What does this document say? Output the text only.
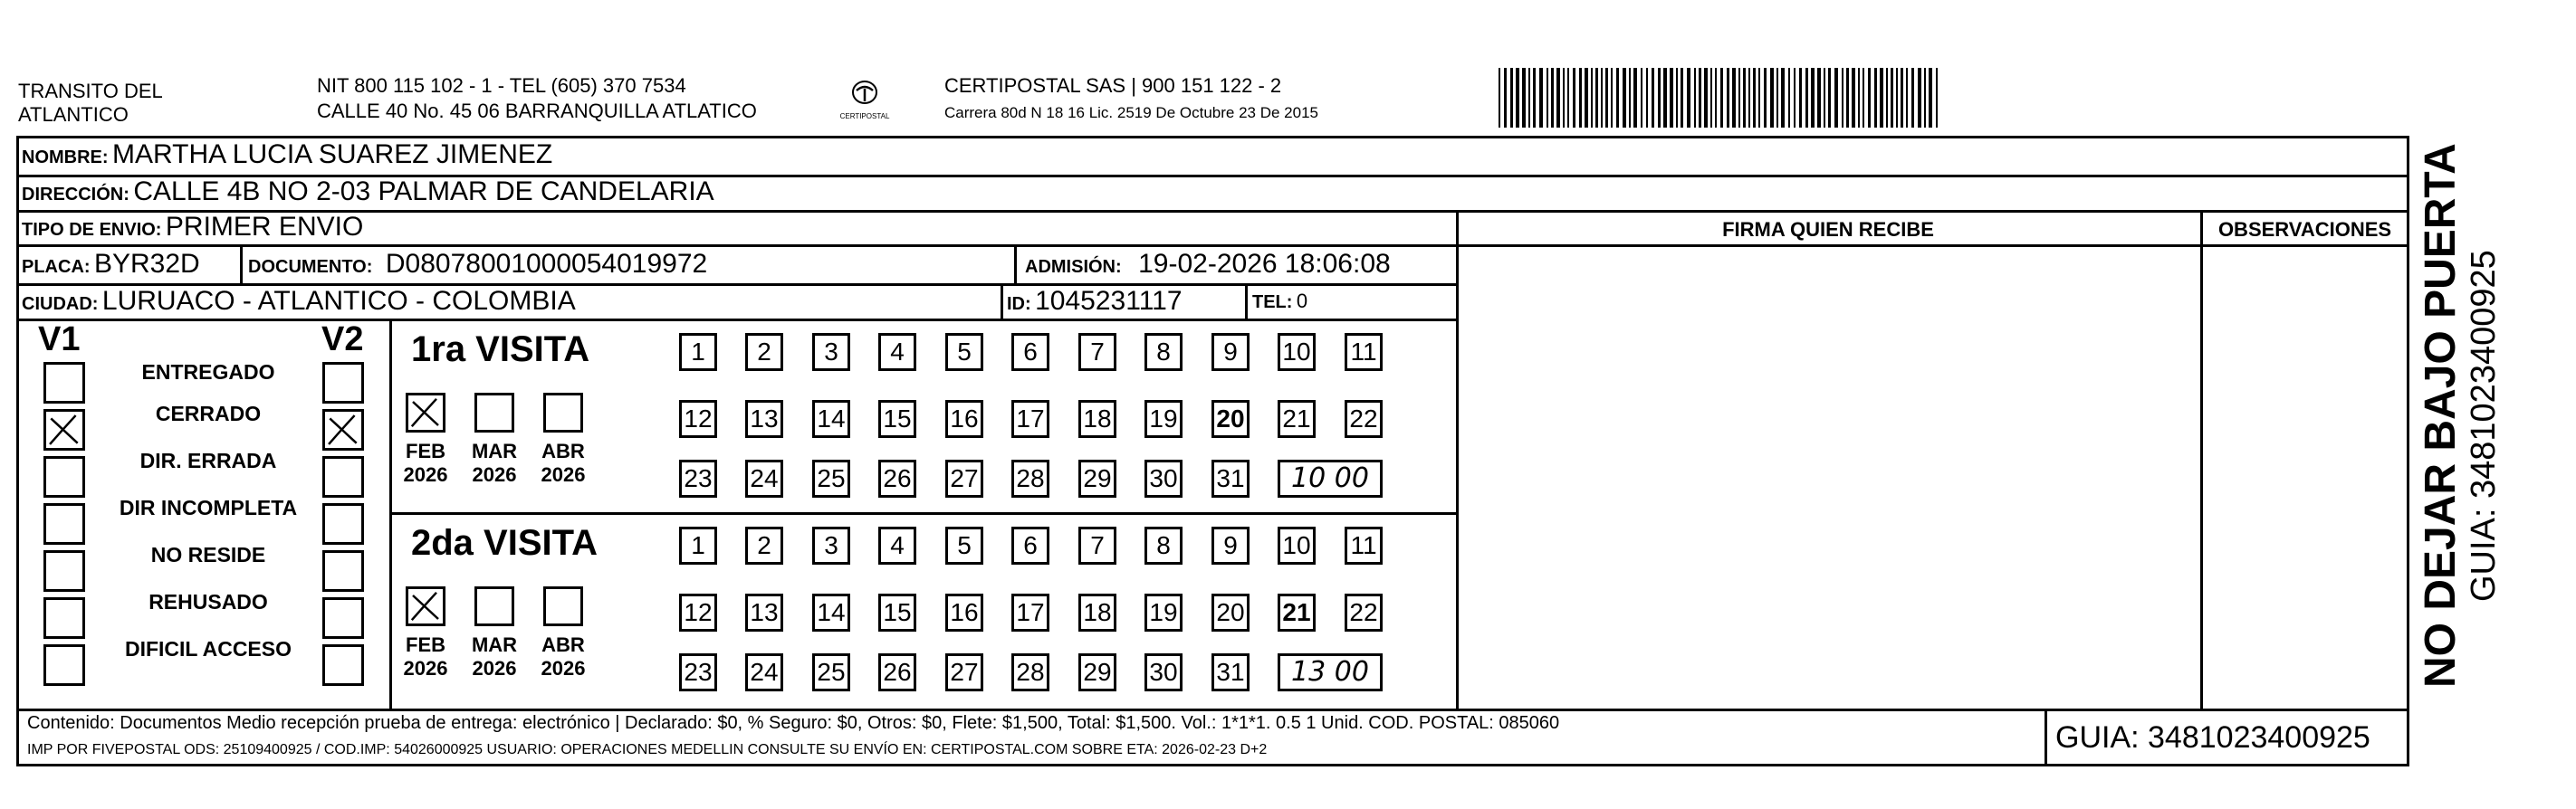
TRANSITO DEL
ATLANTICO
NIT 800 115 102 - 1 - TEL (605) 370 7534
CALLE 40 No. 45 06 BARRANQUILLA ATLATICO	CERTIPOSTAL
CERTIPOSTAL SAS | 900 151 122 - 2
Carrera 80d N 18 16 Lic. 2519 De Octubre 23 De 2015
NOMBRE: MARTHA LUCIA SUAREZ JIMENEZ
DIRECCIÓN: CALLE 4B NO 2-03 PALMAR DE CANDELARIA
TIPO DE ENVIO: PRIMER ENVIO	FIRMA QUIEN RECIBE	OBSERVACIONES
PLACA: BYR32D	DOCUMENTO: D08078001000054019972	ADMISIÓN: 19-02-2026 18:06:08
CIUDAD: LURUACO - ATLANTICO - COLOMBIA	ID: 1045231117	TEL: 0
V1	V2
ENTREGADO
CERRADO
DIR. ERRADA
DIR INCOMPLETA
NO RESIDE
REHUSADO
DIFICIL ACCESO
1ra VISITA
FEB
2026
MAR
2026
ABR
2026
1 2 3 4 5 6 7 8 9 10 11
12 13 14 15 16 17 18 19 20 21 22
23 24 25 26 27 28 29 30 31	10 00
2da VISITA
FEB
2026
MAR
2026
ABR
2026
1 2 3 4 5 6 7 8 9 10 11
12 13 14 15 16 17 18 19 20 21 22
23 24 25 26 27 28 29 30 31	13 00
Contenido: Documentos Medio recepción prueba de entrega: electrónico | Declarado: $0, % Seguro: $0, Otros: $0, Flete: $1,500, Total: $1,500. Vol.: 1*1*1. 0.5 1 Unid. COD. POSTAL: 085060
IMP POR FIVEPOSTAL ODS: 25109400925 / COD.IMP: 54026000925 USUARIO: OPERACIONES MEDELLIN CONSULTE SU ENVÍO EN: CERTIPOSTAL.COM SOBRE ETA: 2026-02-23 D+2	GUIA: 3481023400925
NO DEJAR BAJO PUERTA GUIA: 3481023400925
